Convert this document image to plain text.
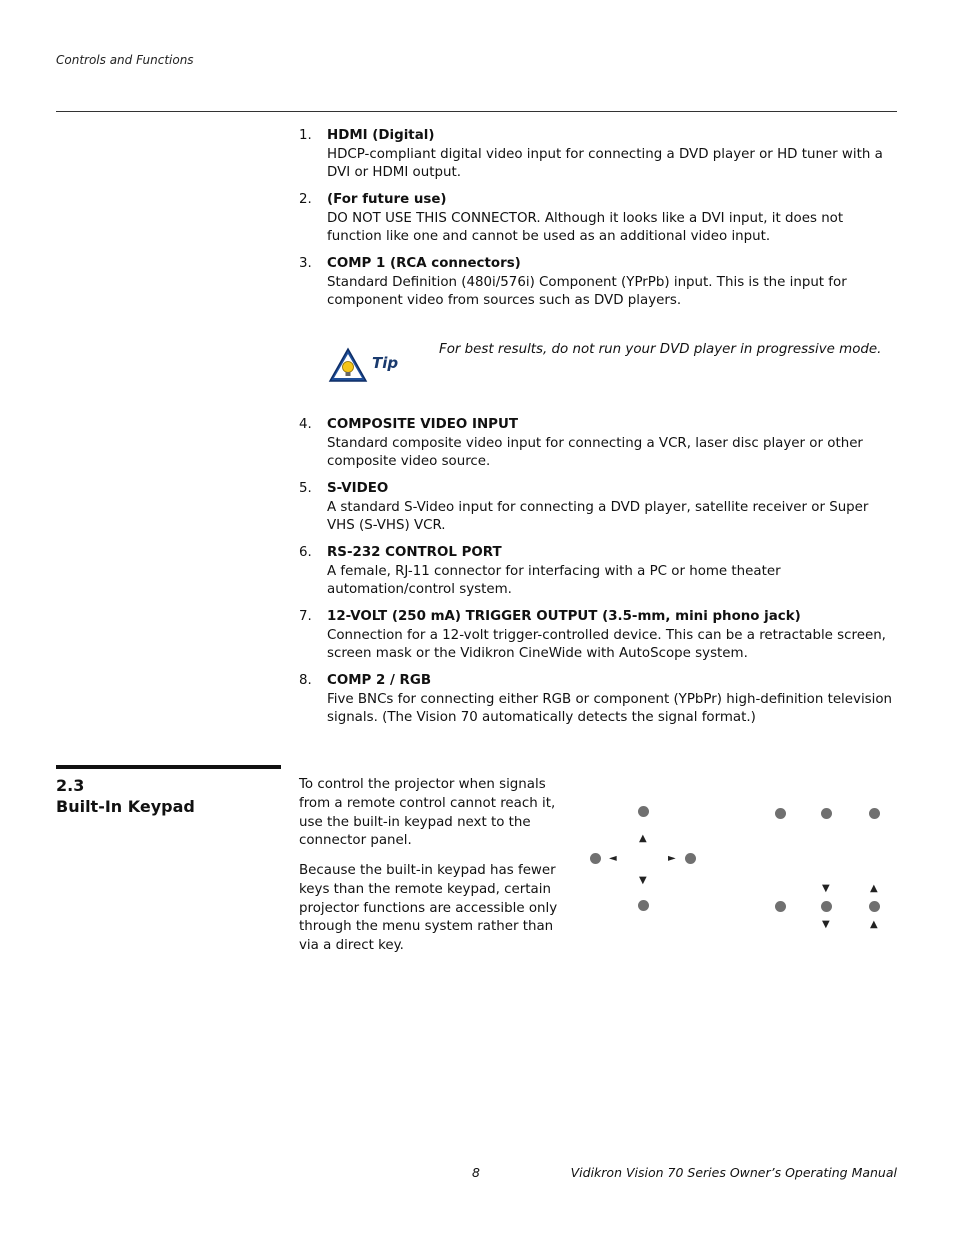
Controls and Functions
1. HDMI (Digital)
HDCP-compliant digital video input for connecting a DVD player or HD tuner with a DVI or HDMI output.
2. (For future use)
DO NOT USE THIS CONNECTOR. Although it looks like a DVI input, it does not function like one and cannot be used as an additional video input.
3. COMP 1 (RCA connectors)
Standard Definition (480i/576i) Component (YPrPb) input. This is the input for component video from sources such as DVD players.
4. COMPOSITE VIDEO INPUT
Standard composite video input for connecting a VCR, laser disc player or other composite video source.
5. S-VIDEO
A standard S-Video input for connecting a DVD player, satellite receiver or Super VHS (S-VHS) VCR.
6. RS-232 CONTROL PORT
A female, RJ-11 connector for interfacing with a PC or home theater automation/control system.
7. 12-VOLT (250 mA) TRIGGER OUTPUT (3.5-mm, mini phono jack)
Connection for a 12-volt trigger-controlled device. This can be a retractable screen, screen mask or the Vidikron CineWide with AutoScope system.
8. COMP 2 / RGB
Five BNCs for connecting either RGB or component (YPbPr) high-definition television signals. (The Vision 70 automatically detects the signal format.)
Tip
For best results, do not run your DVD player in progressive mode.
2.3
Built-In Keypad
To control the projector when signals from a remote control cannot reach it, use the built-in keypad next to the connector panel.
Because the built-in keypad has fewer keys than the remote keypad, certain projector functions are accessible only through the menu system rather than via a direct key.
▲
◄	►
▼
▼	▲
▼	▲
8	Vidikron Vision 70 Series Owner’s Operating Manual
